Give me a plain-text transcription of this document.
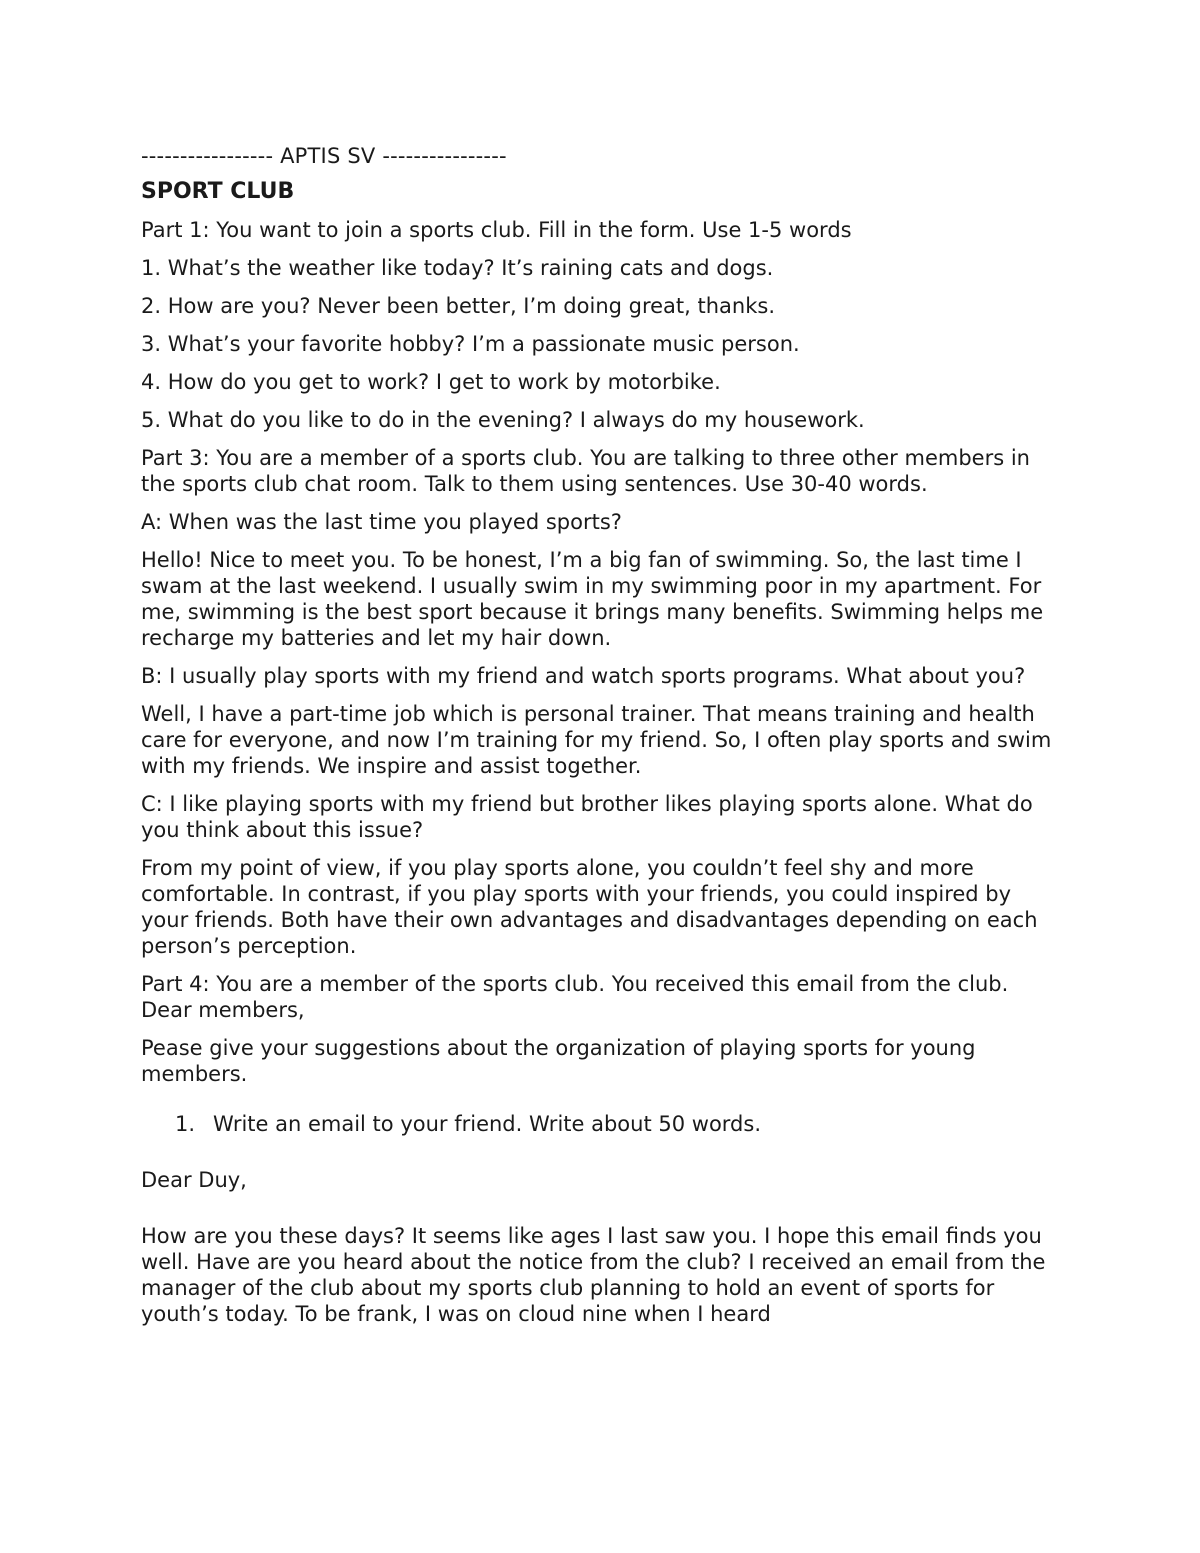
----------------- APTIS SV ----------------

SPORT CLUB

Part 1: You want to join a sports club. Fill in the form. Use 1-5 words

1. What’s the weather like today? It’s raining cats and dogs.

2. How are you? Never been better, I’m doing great, thanks.

3. What’s your favorite hobby? I’m a passionate music person.

4. How do you get to work? I get to work by motorbike.

5. What do you like to do in the evening? I always do my housework.

Part 3: You are a member of a sports club. You are talking to three other members in the sports club chat room. Talk to them using sentences. Use 30-40 words.

A: When was the last time you played sports?

Hello! Nice to meet you. To be honest, I’m a big fan of swimming. So, the last time I swam at the last weekend. I usually swim in my swimming poor in my apartment. For me, swimming is the best sport because it brings many benefits. Swimming helps me recharge my batteries and let my hair down.

B: I usually play sports with my friend and watch sports programs. What about you?

Well, I have a part-time job which is personal trainer. That means training and health care for everyone, and now I’m training for my friend. So, I often play sports and swim with my friends. We inspire and assist together.

C: I like playing sports with my friend but brother likes playing sports alone. What do you think about this issue?

From my point of view, if you play sports alone, you couldn’t feel shy and more comfortable. In contrast, if you play sports with your friends, you could inspired by your friends. Both have their own advantages and disadvantages depending on each person’s perception.

Part 4: You are a member of the sports club. You received this email from the club. Dear members,

Pease give your suggestions about the organization of playing sports for young members.

1. Write an email to your friend. Write about 50 words.

Dear Duy,

How are you these days? It seems like ages I last saw you. I hope this email finds you well. Have are you heard about the notice from the club? I received an email from the manager of the club about my sports club planning to hold an event of sports for youth’s today. To be frank, I was on cloud nine when I heard
